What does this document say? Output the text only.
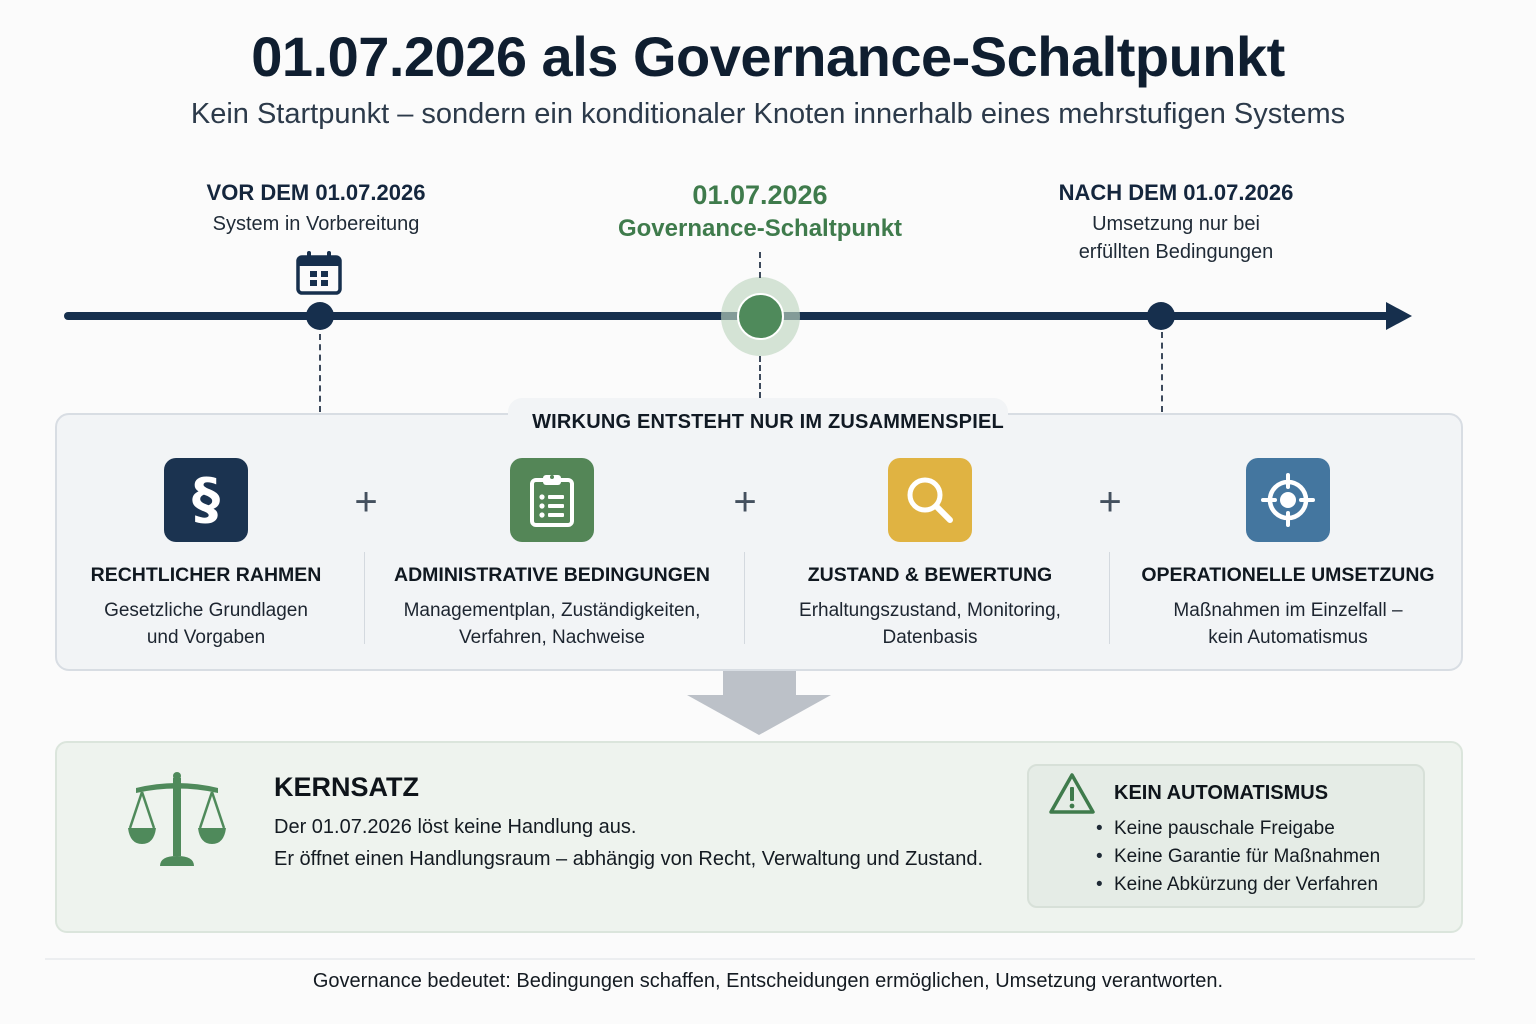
01.07.2026 als Governance-Schaltpunkt
Kein Startpunkt – sondern ein konditionaler Knoten innerhalb eines mehrstufigen Systems
VOR DEM 01.07.2026
System in Vorbereitung
01.07.2026
Governance-Schaltpunkt
NACH DEM 01.07.2026
Umsetzung nur bei
erfüllten Bedingungen
WIRKUNG ENTSTEHT NUR IM ZUSAMMENSPIEL
§
RECHTLICHER RAHMEN
Gesetzliche Grundlagen
und Vorgaben
+
ADMINISTRATIVE BEDINGUNGEN
Managementplan, Zuständigkeiten,
Verfahren, Nachweise
+
ZUSTAND & BEWERTUNG
Erhaltungszustand, Monitoring,
Datenbasis
+
OPERATIONELLE UMSETZUNG
Maßnahmen im Einzelfall –
kein Automatismus
KERNSATZ
Der 01.07.2026 löst keine Handlung aus.
Er öffnet einen Handlungsraum – abhängig von Recht, Verwaltung und Zustand.
KEIN AUTOMATISMUS
• Keine pauschale Freigabe
• Keine Garantie für Maßnahmen
• Keine Abkürzung der Verfahren
Governance bedeutet: Bedingungen schaffen, Entscheidungen ermöglichen, Umsetzung verantworten.
